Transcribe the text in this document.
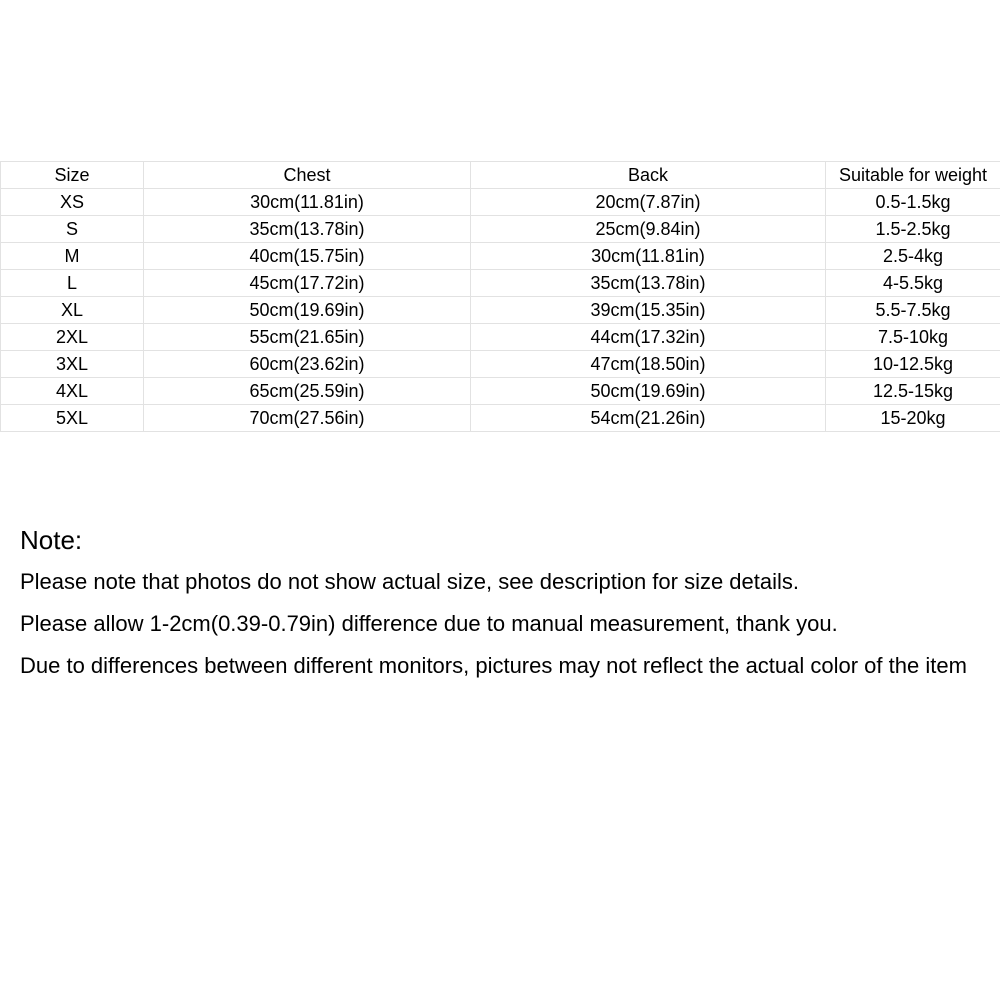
Size	Chest	Back	Suitable for weight
XS	30cm(11.81in)	20cm(7.87in)	0.5-1.5kg
S	35cm(13.78in)	25cm(9.84in)	1.5-2.5kg
M	40cm(15.75in)	30cm(11.81in)	2.5-4kg
L	45cm(17.72in)	35cm(13.78in)	4-5.5kg
XL	50cm(19.69in)	39cm(15.35in)	5.5-7.5kg
2XL	55cm(21.65in)	44cm(17.32in)	7.5-10kg
3XL	60cm(23.62in)	47cm(18.50in)	10-12.5kg
4XL	65cm(25.59in)	50cm(19.69in)	12.5-15kg
5XL	70cm(27.56in)	54cm(21.26in)	15-20kg

Note:

Please note that photos do not show actual size, see description for size details.

Please allow 1-2cm(0.39-0.79in) difference due to manual measurement, thank you.

Due to differences between different monitors, pictures may not reflect the actual color of the item
